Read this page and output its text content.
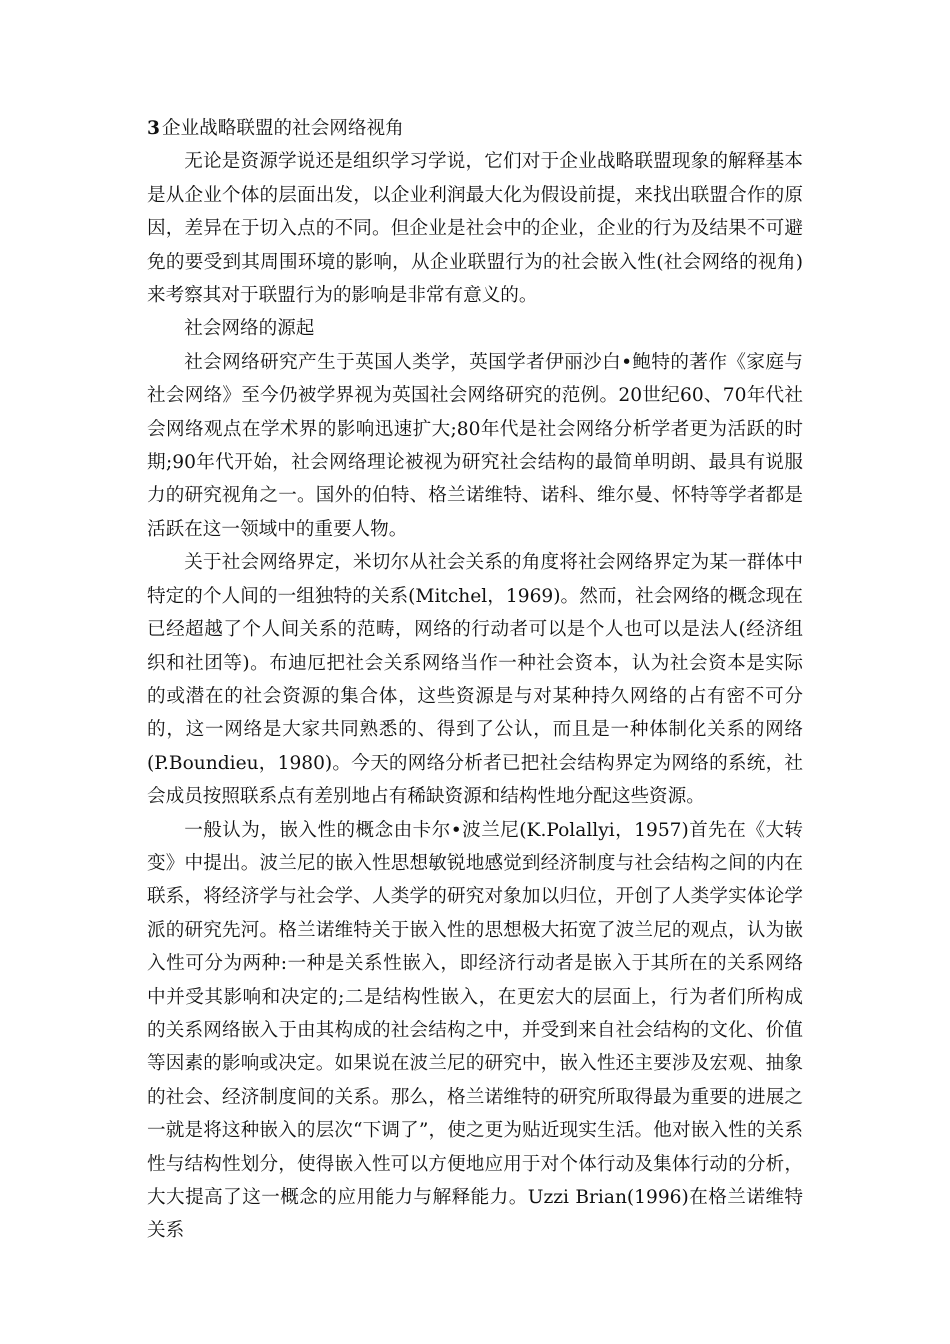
3 企业战略联盟的社会网络视角

无论是资源学说还是组织学习学说，它们对于企业战略联盟现象的解释基本是从企业个体的层面出发，以企业利润最大化为假设前提，来找出联盟合作的原因，差异在于切入点的不同。但企业是社会中的企业，企业的行为及结果不可避免的要受到其周围环境的影响，从企业联盟行为的社会嵌入性(社会网络的视角)来考察其对于联盟行为的影响是非常有意义的。

社会网络的源起

社会网络研究产生于英国人类学，英国学者伊丽沙白•鲍特的著作《家庭与社会网络》至今仍被学界视为英国社会网络研究的范例。20世纪60、70年代社会网络观点在学术界的影响迅速扩大;80年代是社会网络分析学者更为活跃的时期;90年代开始，社会网络理论被视为研究社会结构的最简单明朗、最具有说服力的研究视角之一。国外的伯特、格兰诺维特、诺科、维尔曼、怀特等学者都是活跃在这一领域中的重要人物。

关于社会网络界定，米切尔从社会关系的角度将社会网络界定为某一群体中特定的个人间的一组独特的关系(Mitchel，1969)。然而，社会网络的概念现在已经超越了个人间关系的范畴，网络的行动者可以是个人也可以是法人(经济组织和社团等)。布迪厄把社会关系网络当作一种社会资本，认为社会资本是实际的或潜在的社会资源的集合体，这些资源是与对某种持久网络的占有密不可分的，这一网络是大家共同熟悉的、得到了公认，而且是一种体制化关系的网络(P.Boundieu，1980)。今天的网络分析者已把社会结构界定为网络的系统，社会成员按照联系点有差别地占有稀缺资源和结构性地分配这些资源。

一般认为，嵌入性的概念由卡尔•波兰尼(K.Polallyi，1957)首先在《大转变》中提出。波兰尼的嵌入性思想敏锐地感觉到经济制度与社会结构之间的内在联系，将经济学与社会学、人类学的研究对象加以归位，开创了人类学实体论学派的研究先河。格兰诺维特关于嵌入性的思想极大拓宽了波兰尼的观点，认为嵌入性可分为两种:一种是关系性嵌入，即经济行动者是嵌入于其所在的关系网络中并受其影响和决定的;二是结构性嵌入，在更宏大的层面上，行为者们所构成的关系网络嵌入于由其构成的社会结构之中，并受到来自社会结构的文化、价值等因素的影响或决定。如果说在波兰尼的研究中，嵌入性还主要涉及宏观、抽象的社会、经济制度间的关系。那么，格兰诺维特的研究所取得最为重要的进展之一就是将这种嵌入的层次“下调了”，使之更为贴近现实生活。他对嵌入性的关系性与结构性划分，使得嵌入性可以方便地应用于对个体行动及集体行动的分析，大大提高了这一概念的应用能力与解释能力。Uzzi Brian(1996)在格兰诺维特关系
